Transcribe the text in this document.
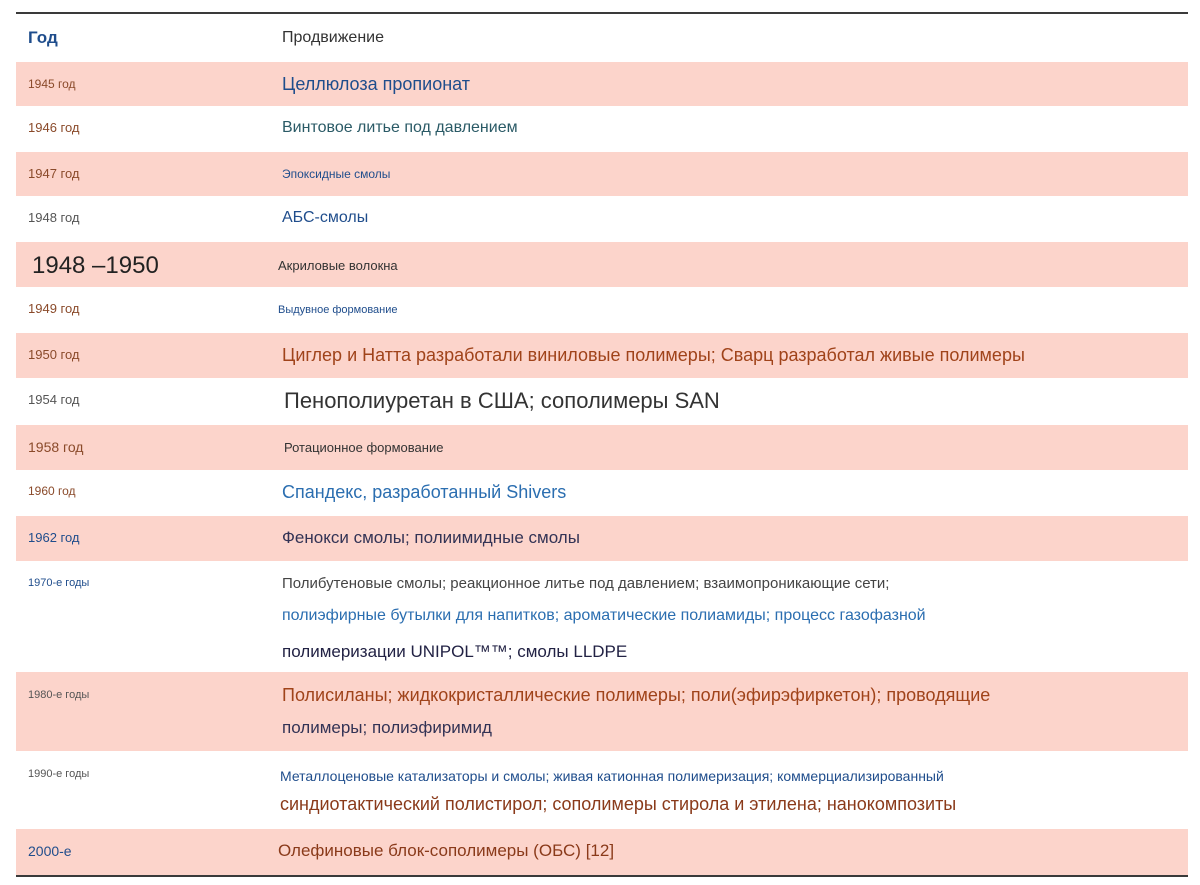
Год	Продвижение
1945 год	Целлюлоза пропионат
1946 год	Винтовое литье под давлением
1947 год	Эпоксидные смолы
1948 год	АБС-смолы
1948 –1950	Акриловые волокна
1949 год	Выдувное формование
1950 год	Циглер и Натта разработали виниловые полимеры; Сварц разработал живые полимеры
1954 год	Пенополиуретан в США; сополимеры SAN
1958 год	Ротационное формование
1960 год	Спандекс, разработанный Shivers
1962 год	Фенокси смолы; полиимидные смолы
1970-е годы	Полибутеновые смолы; реакционное литье под давлением; взаимопроникающие сети;
полиэфирные бутылки для напитков; ароматические полиамиды; процесс газофазной
полимеризации UNIPOL™™; смолы LLDPE
1980-е годы	Полисиланы; жидкокристаллические полимеры; поли(эфирэфиркетон); проводящие
полимеры; полиэфиримид
1990-е годы	Металлоценовые катализаторы и смолы; живая катионная полимеризация; коммерциализированный
синдиотактический полистирол; сополимеры стирола и этилена; нанокомпозиты
2000-е	Олефиновые блок-сополимеры (ОБС) [12]
